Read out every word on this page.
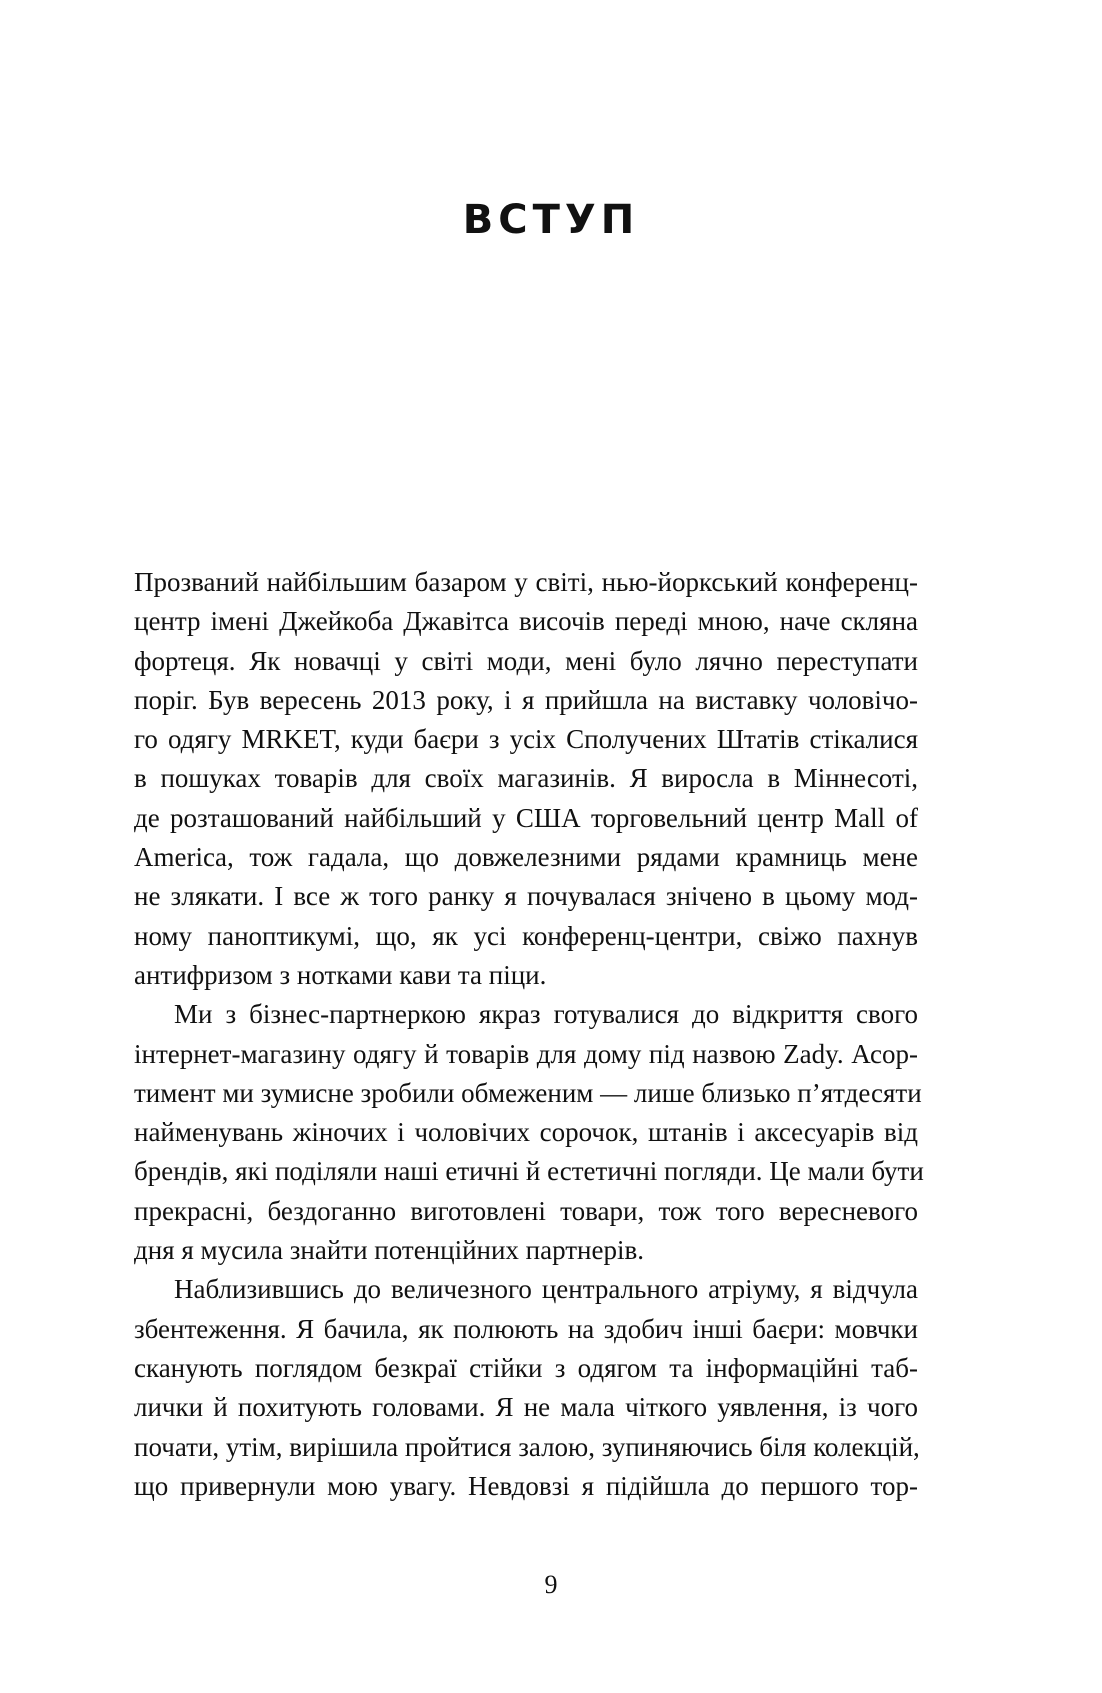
ВСТУП
Прозваний найбільшим базаром у світі, нью-йоркський конференц-
центр імені Джейкоба Джавітса височів переді мною, наче скляна
фортеця. Як новачці у світі моди, мені було лячно переступати
поріг. Був вересень 2013 року, і я прийшла на виставку чоловічо-
го одягу MRKET, куди баєри з усіх Сполучених Штатів стікалися
в пошуках товарів для своїх магазинів. Я виросла в Міннесоті,
де розташований найбільший у США торговельний центр Mall of
America, тож гадала, що довжелезними рядами крамниць мене
не злякати. І все ж того ранку я почувалася знічено в цьому мод-
ному паноптикумі, що, як усі конференц-центри, свіжо пахнув
антифризом з нотками кави та піци.
Ми з бізнес-партнеркою якраз готувалися до відкриття свого
інтернет-магазину одягу й товарів для дому під назвою Zady. Асор-
тимент ми зумисне зробили обмеженим — лише близько п’ятдесяти
найменувань жіночих і чоловічих сорочок, штанів і аксесуарів від
брендів, які поділяли наші етичні й естетичні погляди. Це мали бути
прекрасні, бездоганно виготовлені товари, тож того вересневого
дня я мусила знайти потенційних партнерів.
Наблизившись до величезного центрального атріуму, я відчула
збентеження. Я бачила, як полюють на здобич інші баєри: мовчки
сканують поглядом безкраї стійки з одягом та інформаційні таб-
лички й похитують головами. Я не мала чіткого уявлення, із чого
почати, утім, вирішила пройтися залою, зупиняючись біля колекцій,
що привернули мою увагу. Невдовзі я підійшла до першого тор-
9
